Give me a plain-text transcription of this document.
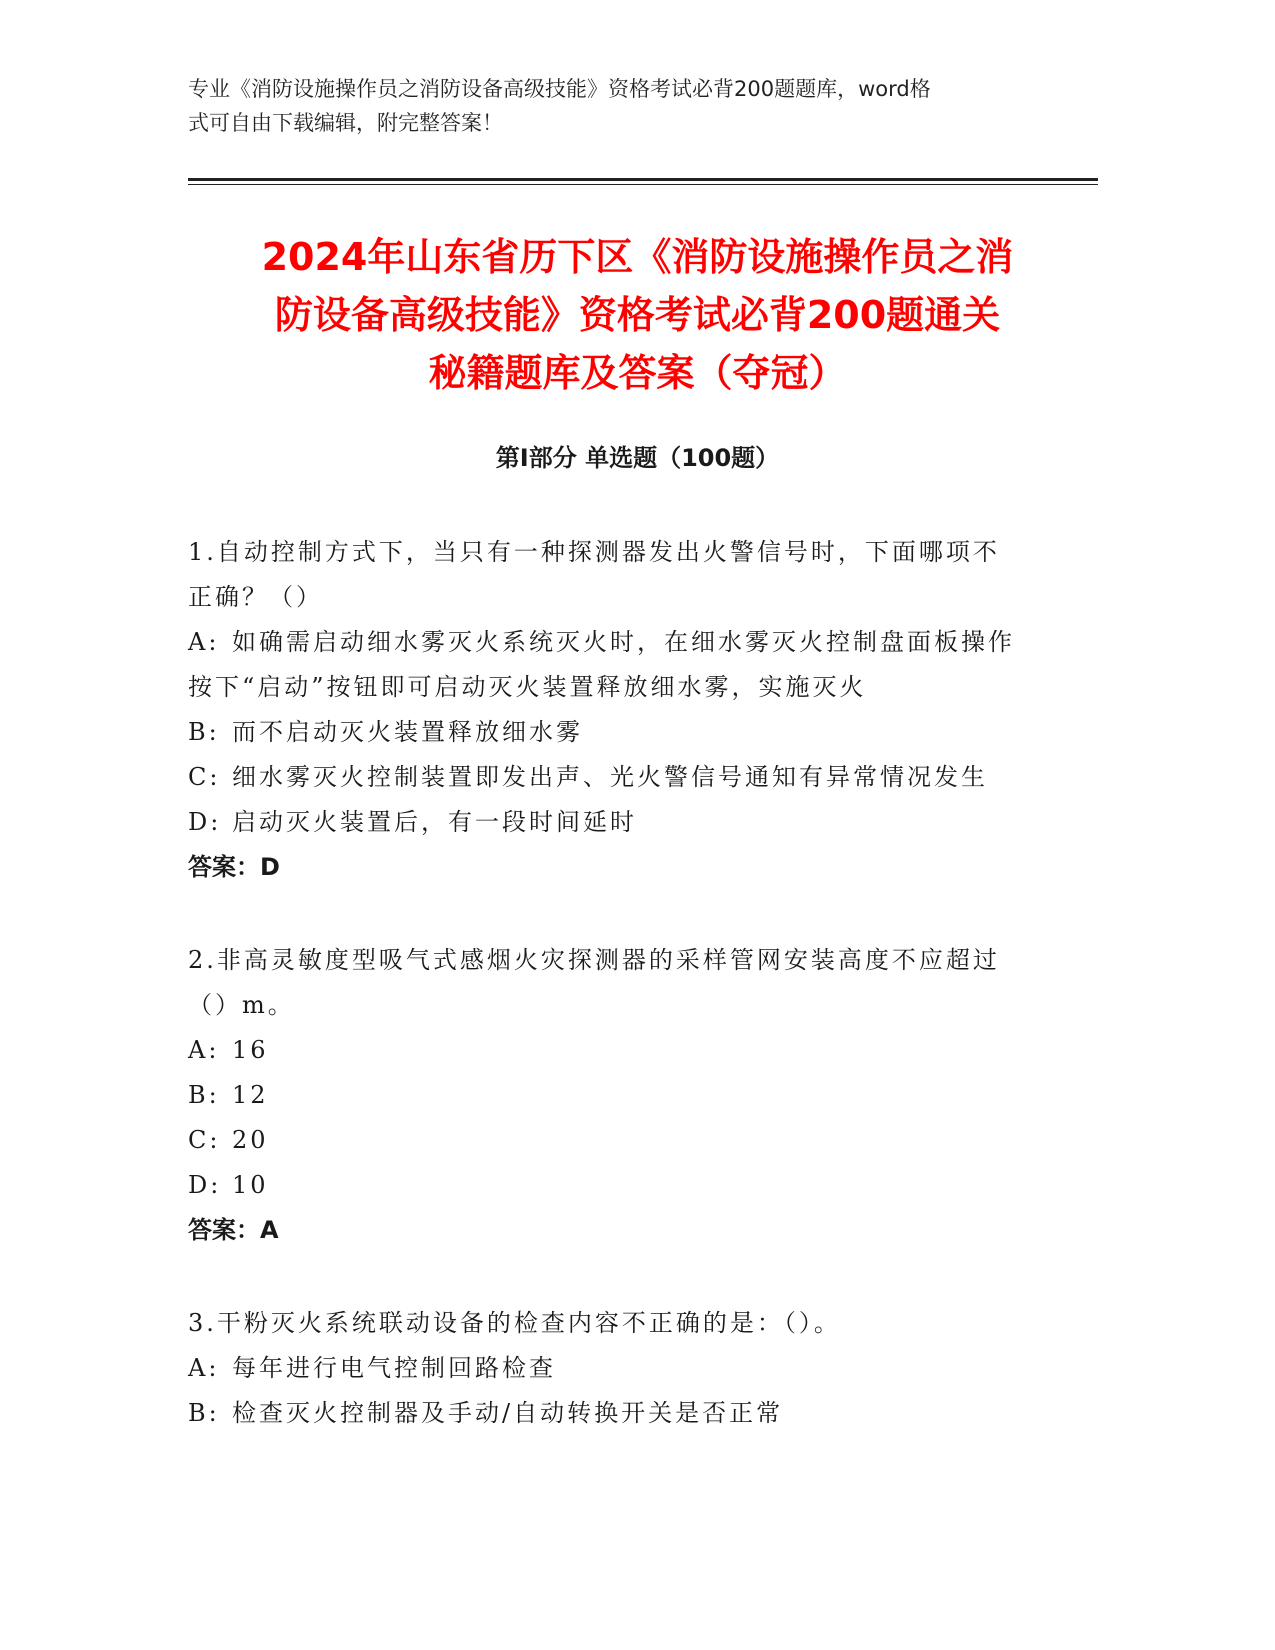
专业《消防设施操作员之消防设备高级技能》资格考试必背200题题库，word格
式可自由下载编辑，附完整答案！
2024年山东省历下区《消防设施操作员之消
防设备高级技能》资格考试必背200题通关
秘籍题库及答案（夺冠）
第Ⅰ部分 单选题（100题）
1.自动控制方式下，当只有一种探测器发出火警信号时，下面哪项不
正确？（）
A: 如确需启动细水雾灭火系统灭火时，在细水雾灭火控制盘面板操作
按下“启动”按钮即可启动灭火装置释放细水雾，实施灭火
B: 而不启动灭火装置释放细水雾
C: 细水雾灭火控制装置即发出声、光火警信号通知有异常情况发生
D: 启动灭火装置后，有一段时间延时
答案：D
2.非高灵敏度型吸气式感烟火灾探测器的采样管网安装高度不应超过
（）m。
A: 16
B: 12
C: 20
D: 10
答案：A
3.干粉灭火系统联动设备的检查内容不正确的是：（）。
A: 每年进行电气控制回路检查
B: 检查灭火控制器及手动/自动转换开关是否正常
